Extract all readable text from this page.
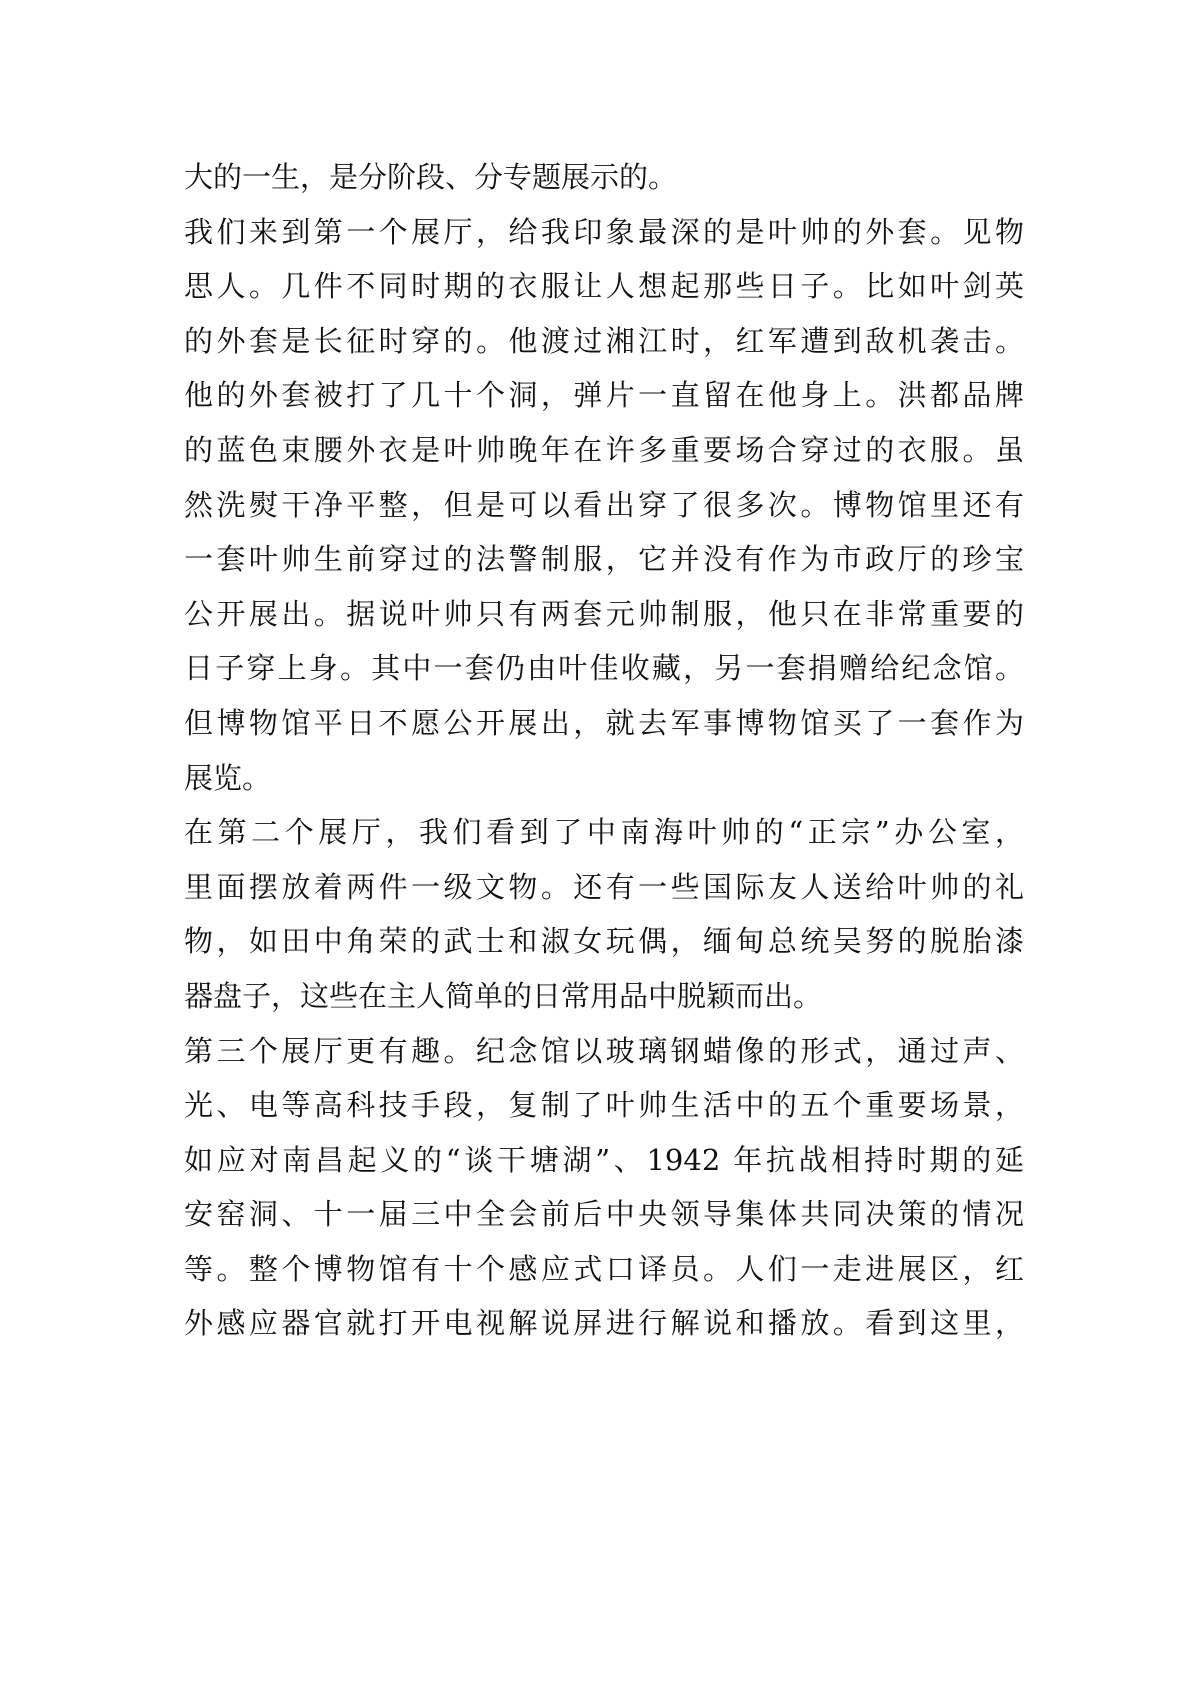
大的一生，是分阶段、分专题展示的。
我们来到第一个展厅，给我印象最深的是叶帅的外套。见物
思人。几件不同时期的衣服让人想起那些日子。比如叶剑英
的外套是长征时穿的。他渡过湘江时，红军遭到敌机袭击。
他的外套被打了几十个洞，弹片一直留在他身上。洪都品牌
的蓝色束腰外衣是叶帅晚年在许多重要场合穿过的衣服。虽
然洗熨干净平整，但是可以看出穿了很多次。博物馆里还有
一套叶帅生前穿过的法警制服，它并没有作为市政厅的珍宝
公开展出。据说叶帅只有两套元帅制服，他只在非常重要的
日子穿上身。其中一套仍由叶佳收藏，另一套捐赠给纪念馆。
但博物馆平日不愿公开展出，就去军事博物馆买了一套作为
展览。
在第二个展厅，我们看到了中南海叶帅的“正宗”办公室，
里面摆放着两件一级文物。还有一些国际友人送给叶帅的礼
物，如田中角荣的武士和淑女玩偶，缅甸总统吴努的脱胎漆
器盘子，这些在主人简单的日常用品中脱颖而出。
第三个展厅更有趣。纪念馆以玻璃钢蜡像的形式，通过声、
光、电等高科技手段，复制了叶帅生活中的五个重要场景，
如应对南昌起义的“谈干塘湖”、1942 年抗战相持时期的延
安窑洞、十一届三中全会前后中央领导集体共同决策的情况
等。整个博物馆有十个感应式口译员。人们一走进展区，红
外感应器官就打开电视解说屏进行解说和播放。看到这里，
